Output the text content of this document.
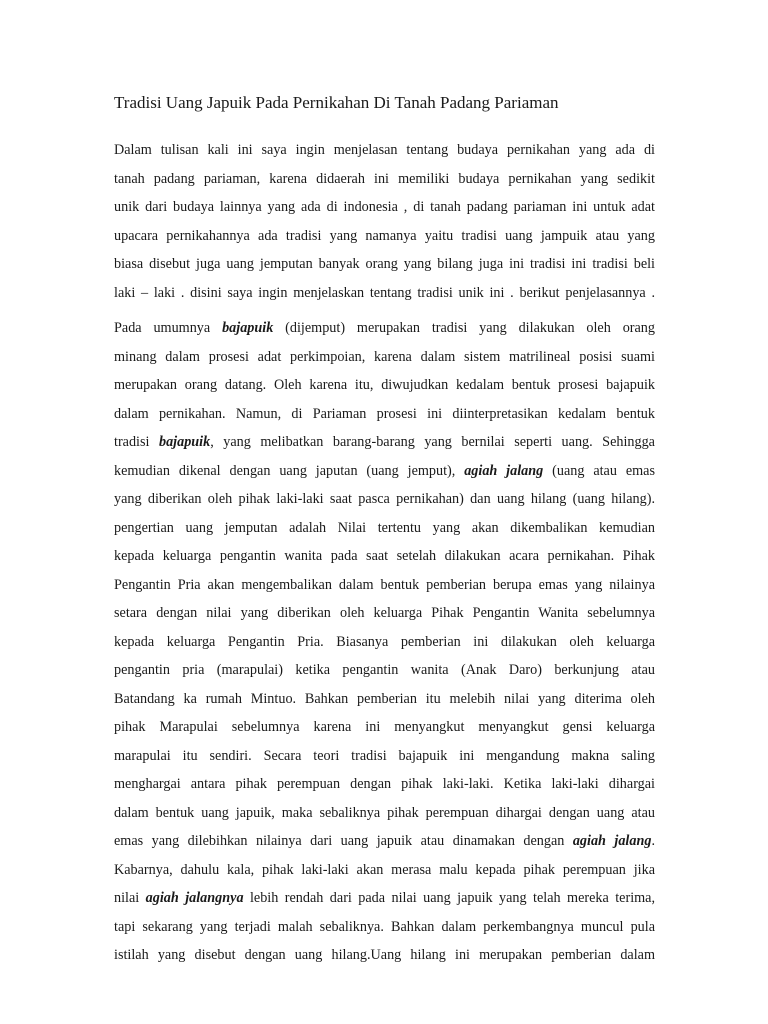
Tradisi Uang Japuik Pada Pernikahan Di Tanah Padang Pariaman
Dalam tulisan kali ini saya ingin menjelasan tentang budaya pernikahan yang ada di
tanah padang pariaman, karena didaerah ini memiliki budaya pernikahan yang sedikit
unik dari budaya lainnya yang ada di indonesia , di tanah padang pariaman ini untuk adat
upacara pernikahannya ada tradisi yang namanya yaitu tradisi uang jampuik atau yang
biasa disebut juga uang jemputan banyak orang yang bilang juga ini tradisi ini tradisi beli
laki – laki . disini saya ingin menjelaskan tentang tradisi unik ini . berikut penjelasannya .
Pada umumnya bajapuik (dijemput) merupakan tradisi yang dilakukan oleh orang
minang dalam prosesi adat perkimpoian, karena dalam sistem matrilineal posisi suami
merupakan orang datang. Oleh karena itu, diwujudkan kedalam bentuk prosesi bajapuik
dalam pernikahan. Namun, di Pariaman prosesi ini diinterpretasikan kedalam bentuk
tradisi bajapuik, yang melibatkan barang-barang yang bernilai seperti uang. Sehingga
kemudian dikenal dengan uang japutan (uang jemput), agiah jalang (uang atau emas
yang diberikan oleh pihak laki-laki saat pasca pernikahan) dan uang hilang (uang hilang).
pengertian uang jemputan adalah Nilai tertentu yang akan dikembalikan kemudian
kepada keluarga pengantin wanita pada saat setelah dilakukan acara pernikahan. Pihak
Pengantin Pria akan mengembalikan dalam bentuk pemberian berupa emas yang nilainya
setara dengan nilai yang diberikan oleh keluarga Pihak Pengantin Wanita sebelumnya
kepada keluarga Pengantin Pria. Biasanya pemberian ini dilakukan oleh keluarga
pengantin pria (marapulai) ketika pengantin wanita (Anak Daro) berkunjung atau
Batandang ka rumah Mintuo. Bahkan pemberian itu melebih nilai yang diterima oleh
pihak Marapulai sebelumnya karena ini menyangkut menyangkut gensi keluarga
marapulai itu sendiri. Secara teori tradisi bajapuik ini mengandung makna saling
menghargai antara pihak perempuan dengan pihak laki-laki. Ketika laki-laki dihargai
dalam bentuk uang japuik, maka sebaliknya pihak perempuan dihargai dengan uang atau
emas yang dilebihkan nilainya dari uang japuik atau dinamakan dengan agiah jalang.
Kabarnya, dahulu kala, pihak laki-laki akan merasa malu kepada pihak perempuan jika
nilai agiah jalangnya lebih rendah dari pada nilai uang japuik yang telah mereka terima,
tapi sekarang yang terjadi malah sebaliknya. Bahkan dalam perkembangnya muncul pula
istilah yang disebut dengan uang hilang.Uang hilang ini merupakan pemberian dalam
